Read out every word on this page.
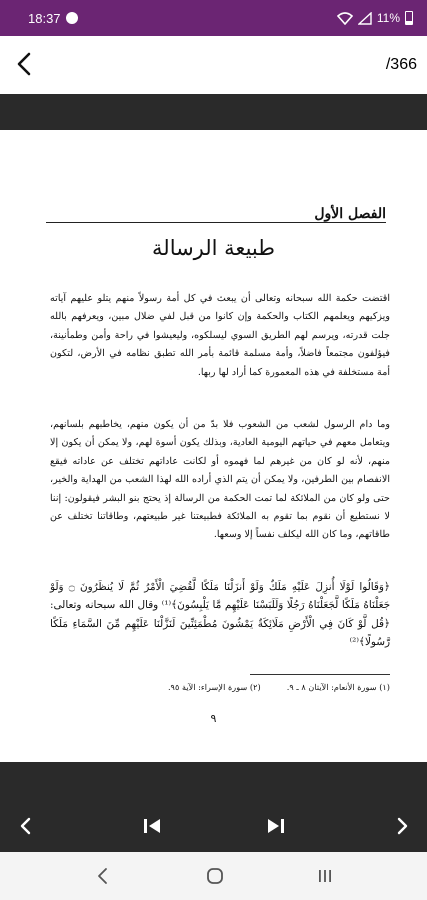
18:37	11%
/366
الفصل الأول
طبيعة الرسالة

اقتضت حكمة الله سبحانه وتعالى أن يبعث في كل أمة رسولاً منهم يتلو عليهم آياته ويزكيهم ويعلمهم الكتاب والحكمة وإن كانوا من قبل لفي ضلال مبين، ويعرفهم بالله جلت قدرته، ويرسم لهم الطريق السوي ليسلكوه، وليعيشوا في راحة وأمن وطمأنينة، فيؤلفون مجتمعاً فاضلاً، وأمة مسلمة قائمة بأمر الله تطبق نظامه في الأرض، لتكون أمة مستخلفة في هذه المعمورة كما أراد لها ربها.

وما دام الرسول لشعب من الشعوب فلا بدّ من أن يكون منهم، يخاطبهم بلسانهم، ويتعامل معهم في حياتهم اليومية العادية، وبذلك يكون أسوة لهم، ولا يمكن أن يكون إلا منهم، لأنه لو كان من غيرهم لما فهموه أو لكانت عاداتهم تختلف عن عاداته فيقع الانفصام بين الطرفين، ولا يمكن أن يتم الذي أراده الله لهذا الشعب من الهداية والخير، حتى ولو كان من الملائكة لما تمت الحكمة من الرسالة إذ يحتج بنو البشر فيقولون: إننا لا نستطيع أن نقوم بما تقوم به الملائكة فطبيعتنا غير طبيعتهم، وطاقاتنا تختلف عن طاقاتهم، وما كان الله ليكلف نفساً إلا وسعها.

﴿وَقَالُوا لَوْلَا أُنزِلَ عَلَيْهِ مَلَكٌ وَلَوْ أَنزَلْنَا مَلَكًا لَّقُضِيَ الْأَمْرُ ثُمَّ لَا يُنظَرُونَ ۝ وَلَوْ جَعَلْنَاهُ مَلَكًا لَّجَعَلْنَاهُ رَجُلًا وَلَلَبَسْنَا عَلَيْهِم مَّا يَلْبِسُونَ﴾⁽¹⁾ وقال الله سبحانه وتعالى: ﴿قُل لَّوْ كَانَ فِي الْأَرْضِ مَلَائِكَةٌ يَمْشُونَ مُطْمَئِنِّينَ لَنَزَّلْنَا عَلَيْهِم مِّنَ السَّمَاءِ مَلَكًا رَّسُولًا﴾⁽²⁾

(١) سورة الأنعام: الآيتان ٨ ـ ٩.
(٢) سورة الإسراء: الآية ٩٥.
٩
